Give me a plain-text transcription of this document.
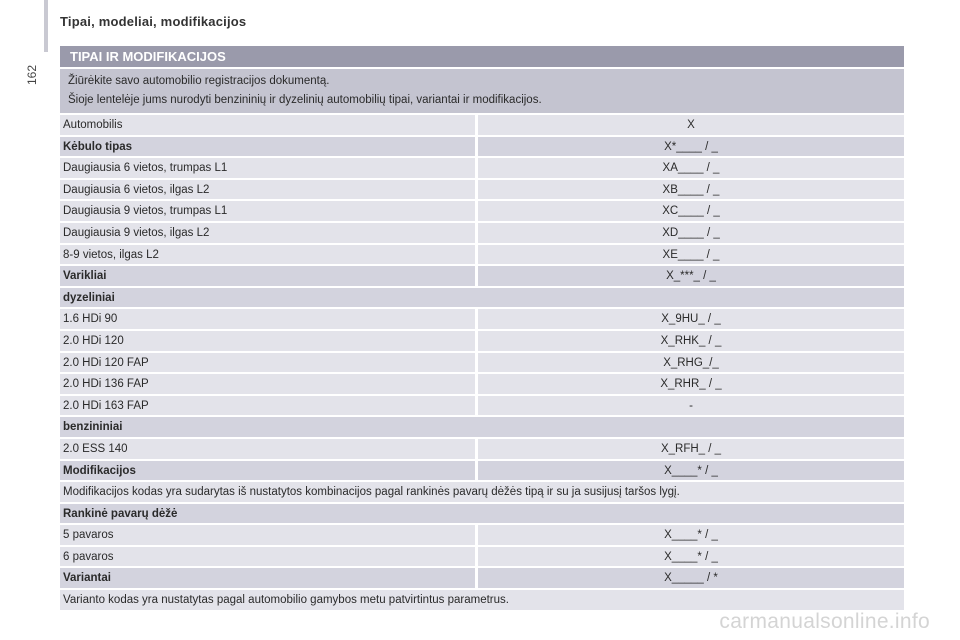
Tipai, modeliai, modifikacijos
162
TIPAI IR MODIFIKACIJOS
Žiūrėkite savo automobilio registracijos dokumentą.
Šioje lentelėje jums nurodyti benzininių ir dyzelinių automobilių tipai, variantai ir modifikacijos.
Automobilis	X
Kėbulo tipas	X*____ / _
Daugiausia 6 vietos, trumpas L1	XA____ / _
Daugiausia 6 vietos, ilgas L2	XB____ / _
Daugiausia 9 vietos, trumpas L1	XC____ / _
Daugiausia 9 vietos, ilgas L2	XD____ / _
8-9 vietos, ilgas L2	XE____ / _
Varikliai	X_***_ / _
dyzeliniai
1.6 HDi 90	X_9HU_ / _
2.0 HDi 120	X_RHK_ / _
2.0 HDi 120 FAP	X_RHG_/_
2.0 HDi 136 FAP	X_RHR_ / _
2.0 HDi 163 FAP	-
benzininiai
2.0 ESS 140	X_RFH_ / _
Modifikacijos	X____* / _
Modifikacijos kodas yra sudarytas iš nustatytos kombinacijos pagal rankinės pavarų dėžės tipą ir su ja susijusį taršos lygį.
Rankinė pavarų dėžė
5 pavaros	X____* / _
6 pavaros	X____* / _
Variantai	X_____ / *
Varianto kodas yra nustatytas pagal automobilio gamybos metu patvirtintus parametrus.
carmanualsonline.info
